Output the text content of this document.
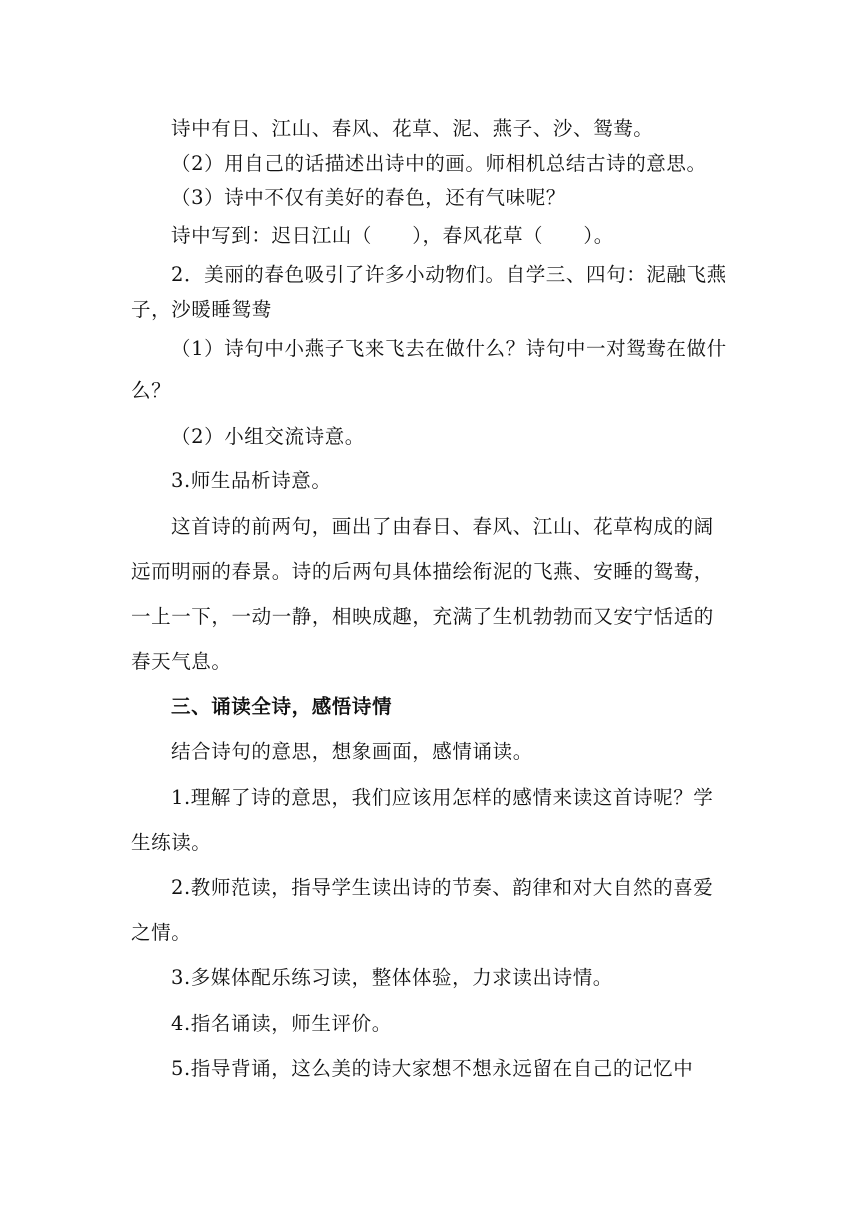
诗中有日、江山、春风、花草、泥、燕子、沙、鸳鸯。
（2）用自己的话描述出诗中的画。师相机总结古诗的意思。
（3）诗中不仅有美好的春色，还有气味呢？
诗中写到：迟日江山（　　），春风花草（　　）。
2．美丽的春色吸引了许多小动物们。自学三、四句：泥融飞燕
子，沙暖睡鸳鸯
（1）诗句中小燕子飞来飞去在做什么？诗句中一对鸳鸯在做什
么？
（2）小组交流诗意。
3.师生品析诗意。
这首诗的前两句，画出了由春日、春风、江山、花草构成的阔
远而明丽的春景。诗的后两句具体描绘衔泥的飞燕、安睡的鸳鸯，
一上一下，一动一静，相映成趣，充满了生机勃勃而又安宁恬适的
春天气息。
三、诵读全诗，感悟诗情
结合诗句的意思，想象画面，感情诵读。
1.理解了诗的意思，我们应该用怎样的感情来读这首诗呢？学
生练读。
2.教师范读，指导学生读出诗的节奏、韵律和对大自然的喜爱
之情。
3.多媒体配乐练习读，整体体验，力求读出诗情。
4.指名诵读，师生评价。
5.指导背诵，这么美的诗大家想不想永远留在自己的记忆中
